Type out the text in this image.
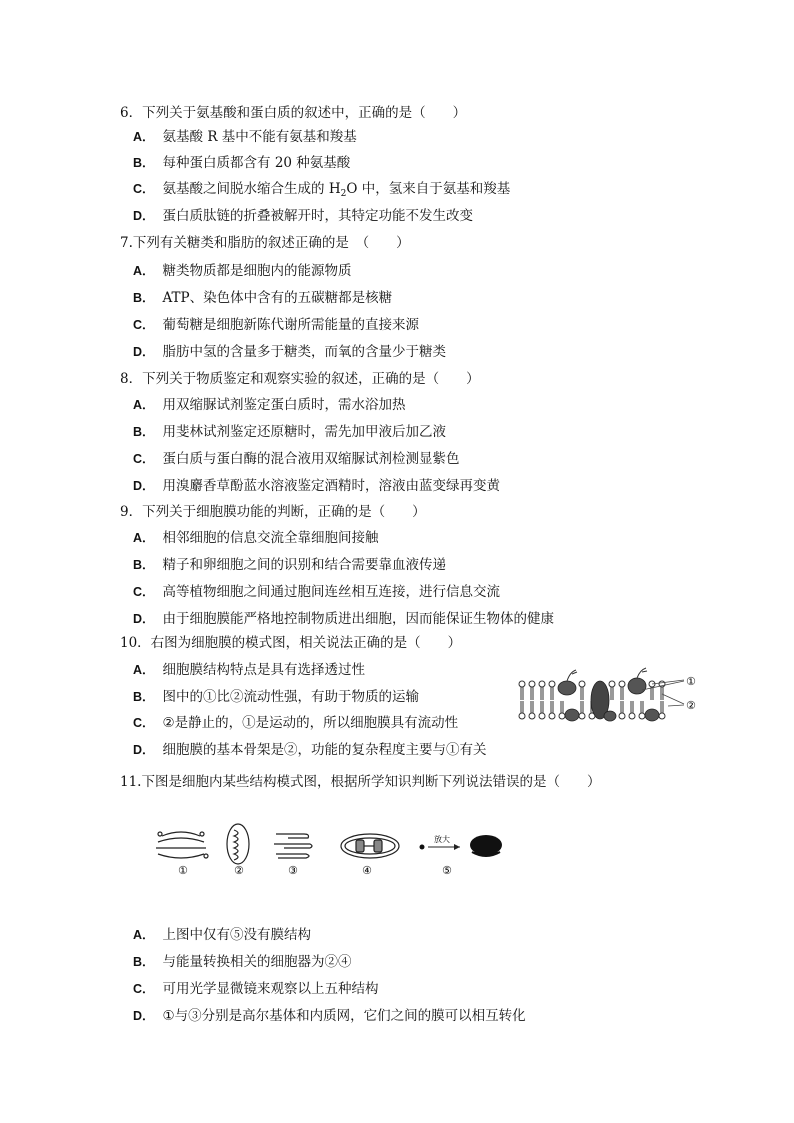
6．下列关于氨基酸和蛋白质的叙述中，正确的是（　　）
A． 氨基酸 R 基中不能有氨基和羧基
B． 每种蛋白质都含有 20 种氨基酸
C． 氨基酸之间脱水缩合生成的 $H_2O$ 中，氢来自于氨基和羧基
D． 蛋白质肽链的折叠被解开时，其特定功能不发生改变
7.下列有关糖类和脂肪的叙述正确的是　（　　）
A． 糖类物质都是细胞内的能源物质
B． ATP、染色体中含有的五碳糖都是核糖
C． 葡萄糖是细胞新陈代谢所需能量的直接来源
D． 脂肪中氢的含量多于糖类，而氧的含量少于糖类
8．下列关于物质鉴定和观察实验的叙述，正确的是（　　）
A． 用双缩脲试剂鉴定蛋白质时，需水浴加热
B． 用斐林试剂鉴定还原糖时，需先加甲液后加乙液
C． 蛋白质与蛋白酶的混合液用双缩脲试剂检测显紫色
D． 用溴麝香草酚蓝水溶液鉴定酒精时，溶液由蓝变绿再变黄
9．下列关于细胞膜功能的判断，正确的是（　　）
A． 相邻细胞的信息交流全靠细胞间接触
B． 精子和卵细胞之间的识别和结合需要靠血液传递
C． 高等植物细胞之间通过胞间连丝相互连接，进行信息交流
D． 由于细胞膜能严格地控制物质进出细胞，因而能保证生物体的健康
10．右图为细胞膜的模式图，相关说法正确的是（　　）
A． 细胞膜结构特点是具有选择透过性
B． 图中的①比②流动性强，有助于物质的运输
C． ②是静止的，①是运动的，所以细胞膜具有流动性
D． 细胞膜的基本骨架是②，功能的复杂程度主要与①有关
①
②
11.下图是细胞内某些结构模式图，根据所学知识判断下列说法错误的是（　　）
放大
①	②	③	④	⑤
A． 上图中仅有⑤没有膜结构
B． 与能量转换相关的细胞器为②④
C． 可用光学显微镜来观察以上五种结构
D． ①与③分别是高尔基体和内质网，它们之间的膜可以相互转化
